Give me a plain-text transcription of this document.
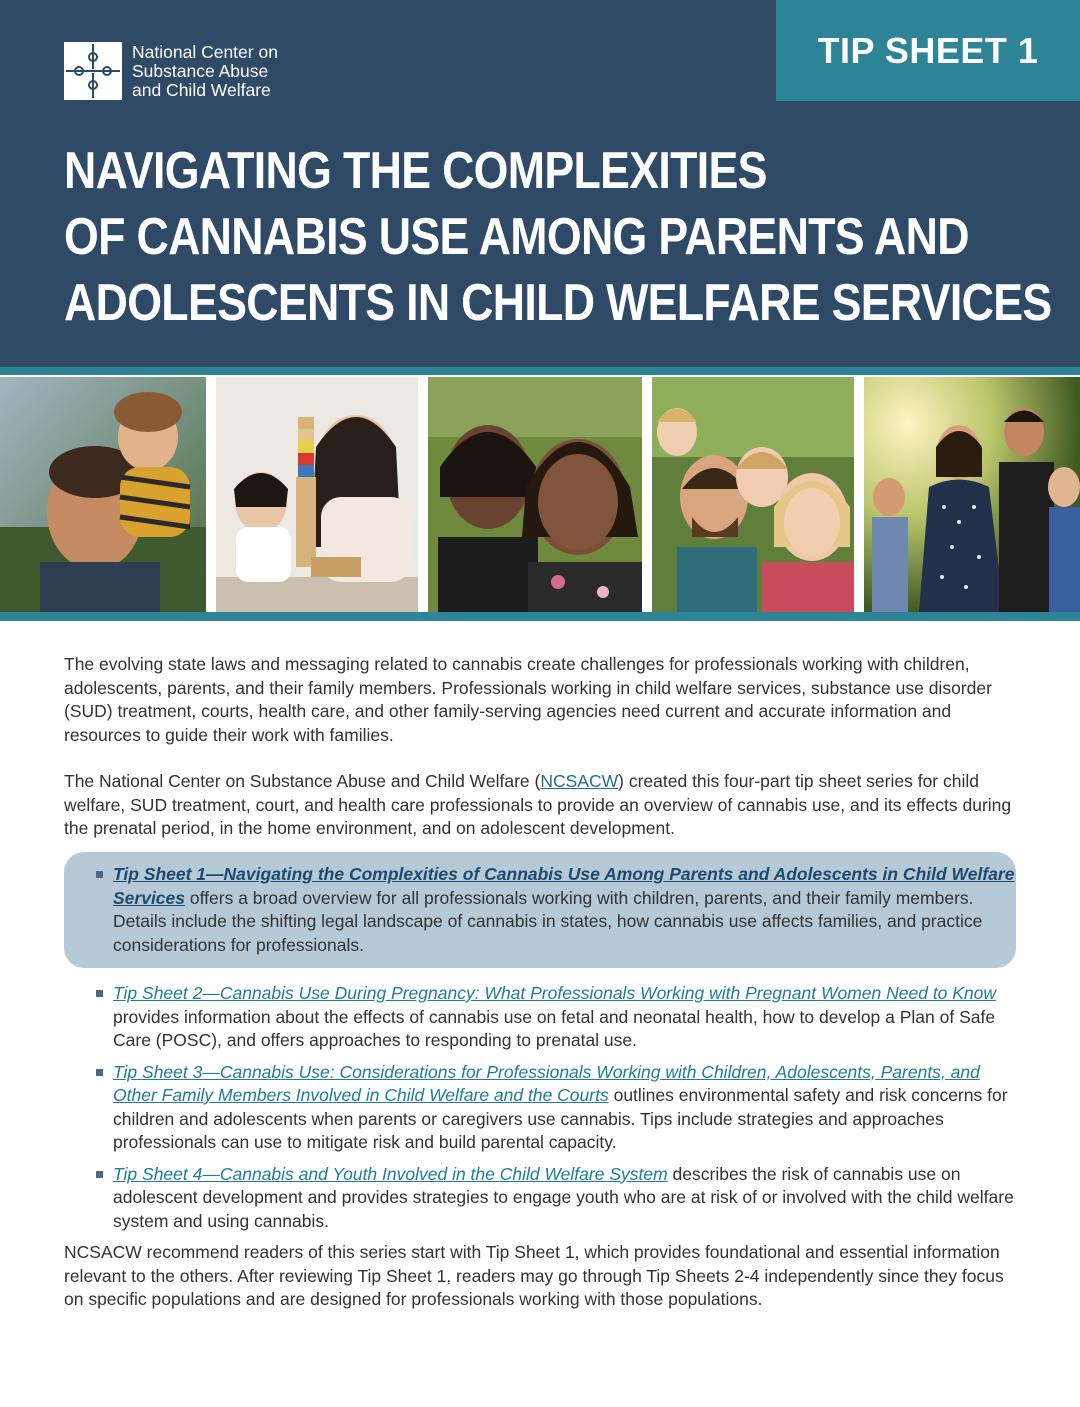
National Center on
Substance Abuse
and Child Welfare
TIP SHEET 1
NAVIGATING THE COMPLEXITIES
OF CANNABIS USE AMONG PARENTS AND
ADOLESCENTS IN CHILD WELFARE SERVICES

The evolving state laws and messaging related to cannabis create challenges for professionals working with children, adolescents, parents, and their family members. Professionals working in child welfare services, substance use disorder (SUD) treatment, courts, health care, and other family-serving agencies need current and accurate information and resources to guide their work with families.

The National Center on Substance Abuse and Child Welfare (NCSACW) created this four-part tip sheet series for child welfare, SUD treatment, court, and health care professionals to provide an overview of cannabis use, and its effects during the prenatal period, in the home environment, and on adolescent development.

Tip Sheet 1—Navigating the Complexities of Cannabis Use Among Parents and Adolescents in Child Welfare Services offers a broad overview for all professionals working with children, parents, and their family members. Details include the shifting legal landscape of cannabis in states, how cannabis use affects families, and practice considerations for professionals.
Tip Sheet 2—Cannabis Use During Pregnancy: What Professionals Working with Pregnant Women Need to Know provides information about the effects of cannabis use on fetal and neonatal health, how to develop a Plan of Safe Care (POSC), and offers approaches to responding to prenatal use.
Tip Sheet 3—Cannabis Use: Considerations for Professionals Working with Children, Adolescents, Parents, and Other Family Members Involved in Child Welfare and the Courts outlines environmental safety and risk concerns for children and adolescents when parents or caregivers use cannabis. Tips include strategies and approaches professionals can use to mitigate risk and build parental capacity.
Tip Sheet 4—Cannabis and Youth Involved in the Child Welfare System describes the risk of cannabis use on adolescent development and provides strategies to engage youth who are at risk of or involved with the child welfare system and using cannabis.

NCSACW recommend readers of this series start with Tip Sheet 1, which provides foundational and essential information relevant to the others. After reviewing Tip Sheet 1, readers may go through Tip Sheets 2-4 independently since they focus on specific populations and are designed for professionals working with those populations.
